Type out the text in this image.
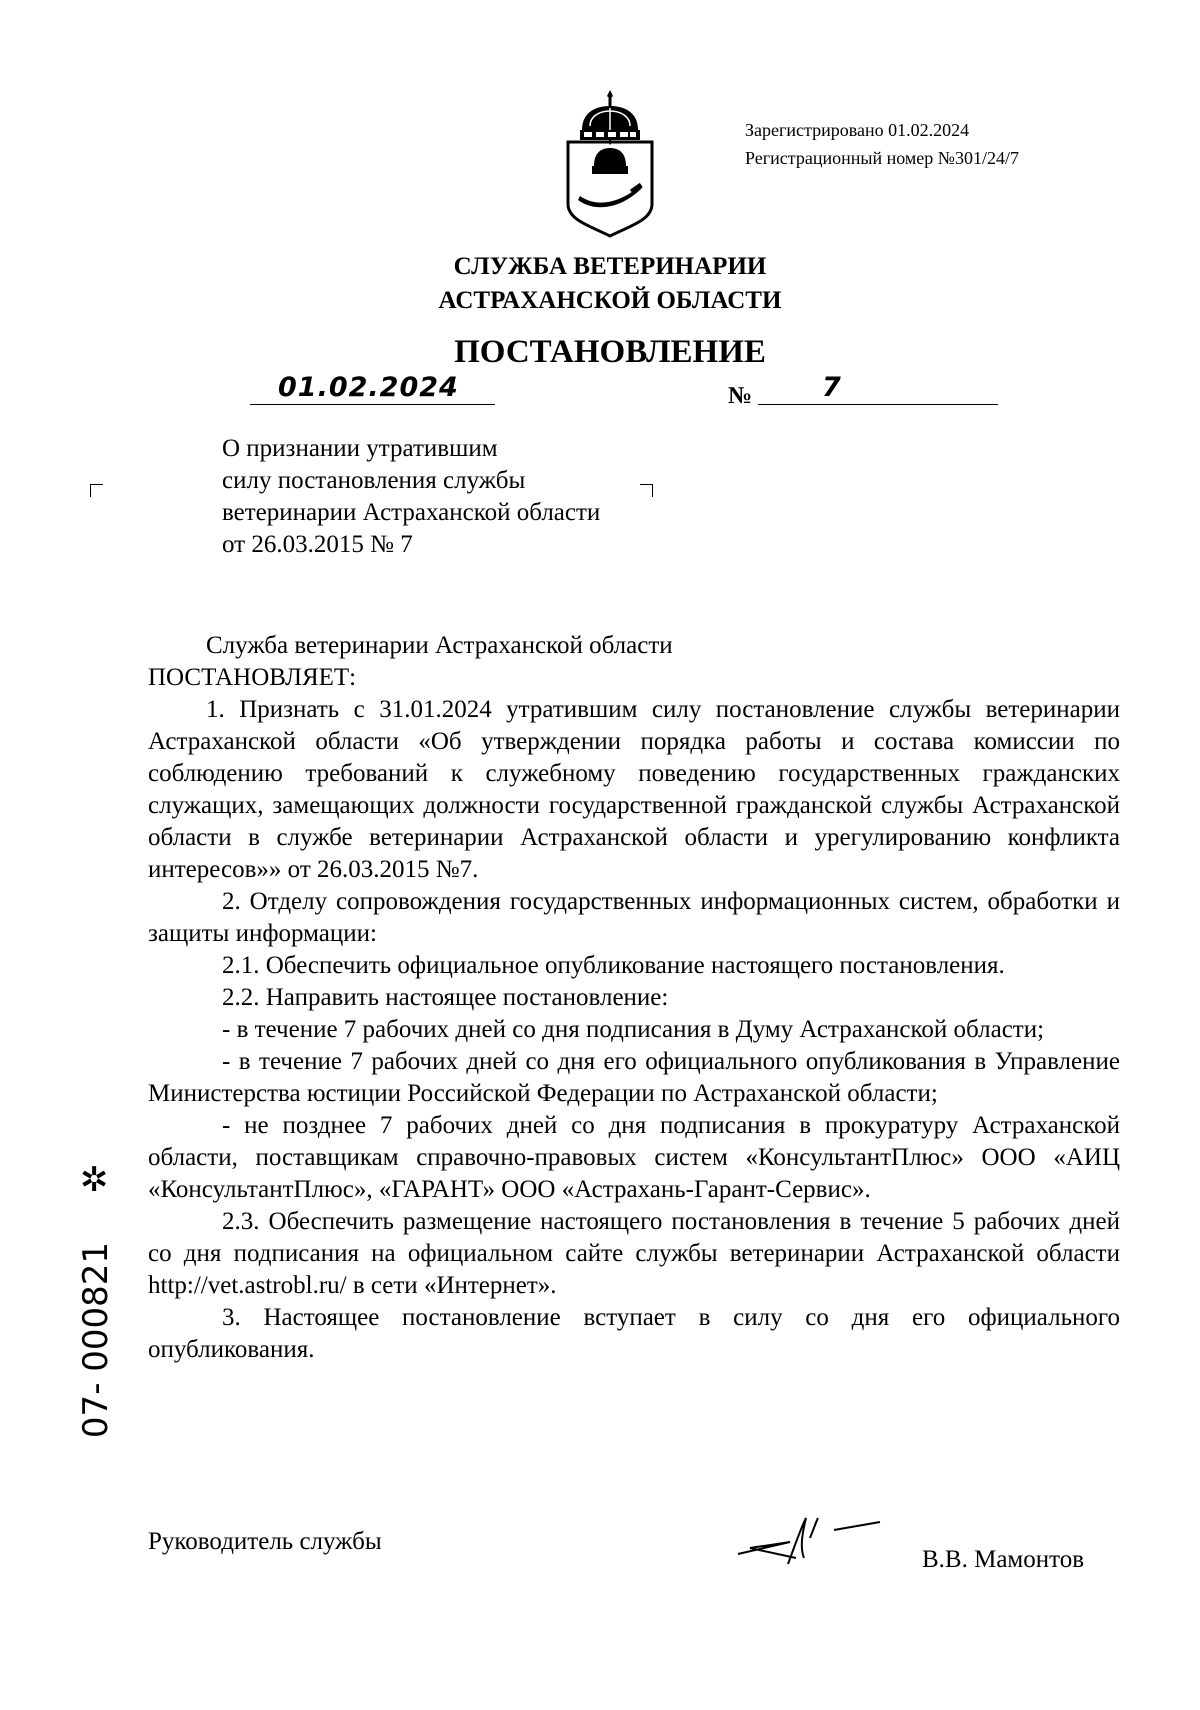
Зарегистрировано 01.02.2024
Регистрационный номер №301/24/7
СЛУЖБА ВЕТЕРИНАРИИ
АСТРАХАНСКОЙ ОБЛАСТИ
ПОСТАНОВЛЕНИЕ
01.02.2024	№	7
О признании утратившим
силу постановления службы
ветеринарии Астраханской области
от 26.03.2015 № 7

Служба ветеринарии Астраханской области

ПОСТАНОВЛЯЕТ:

1. Признать с 31.01.2024 утратившим силу постановление службы ветеринарии Астраханской области «Об утверждении порядка работы и состава комиссии по соблюдению требований к служебному поведению государственных гражданских служащих, замещающих должности государственной гражданской службы Астраханской области в службе ветеринарии Астраханской области и урегулированию конфликта интересов»» от 26.03.2015 №7.

2. Отделу сопровождения государственных информационных систем, обработки и защиты информации:

2.1. Обеспечить официальное опубликование настоящего постановления.

2.2. Направить настоящее постановление:

- в течение 7 рабочих дней со дня подписания в Думу Астраханской области;

- в течение 7 рабочих дней со дня его официального опубликования в Управление Министерства юстиции Российской Федерации по Астраханской области;

- не позднее 7 рабочих дней со дня подписания в прокуратуру Астраханской области, поставщикам справочно-правовых систем «КонсультантПлюс» ООО «АИЦ «КонсультантПлюс», «ГАРАНТ» ООО «Астрахань-Гарант-Сервис».

2.3. Обеспечить размещение настоящего постановления в течение 5 рабочих дней со дня подписания на официальном сайте службы ветеринарии Астраханской области http://vet.astrobl.ru/ в сети «Интернет».

3. Настоящее постановление вступает в силу со дня его официального опубликования.

✲
07- 000821
Руководитель службы
В.В. Мамонтов
